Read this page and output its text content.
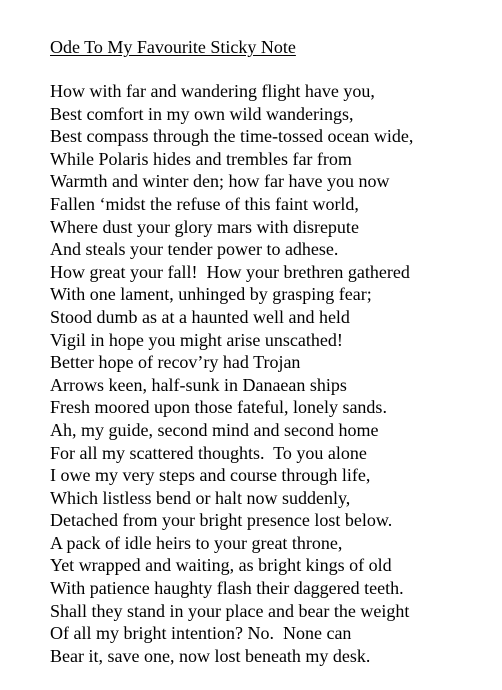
Ode To My Favourite Sticky Note
How with far and wandering flight have you,
Best comfort in my own wild wanderings,
Best compass through the time-tossed ocean wide,
While Polaris hides and trembles far from
Warmth and winter den; how far have you now
Fallen ‘midst the refuse of this faint world,
Where dust your glory mars with disrepute
And steals your tender power to adhese.
How great your fall!  How your brethren gathered
With one lament, unhinged by grasping fear;
Stood dumb as at a haunted well and held
Vigil in hope you might arise unscathed!
Better hope of recov’ry had Trojan
Arrows keen, half-sunk in Danaean ships
Fresh moored upon those fateful, lonely sands.
Ah, my guide, second mind and second home
For all my scattered thoughts.  To you alone
I owe my very steps and course through life,
Which listless bend or halt now suddenly,
Detached from your bright presence lost below.
A pack of idle heirs to your great throne,
Yet wrapped and waiting, as bright kings of old
With patience haughty flash their daggered teeth.
Shall they stand in your place and bear the weight
Of all my bright intention? No.  None can
Bear it, save one, now lost beneath my desk.
